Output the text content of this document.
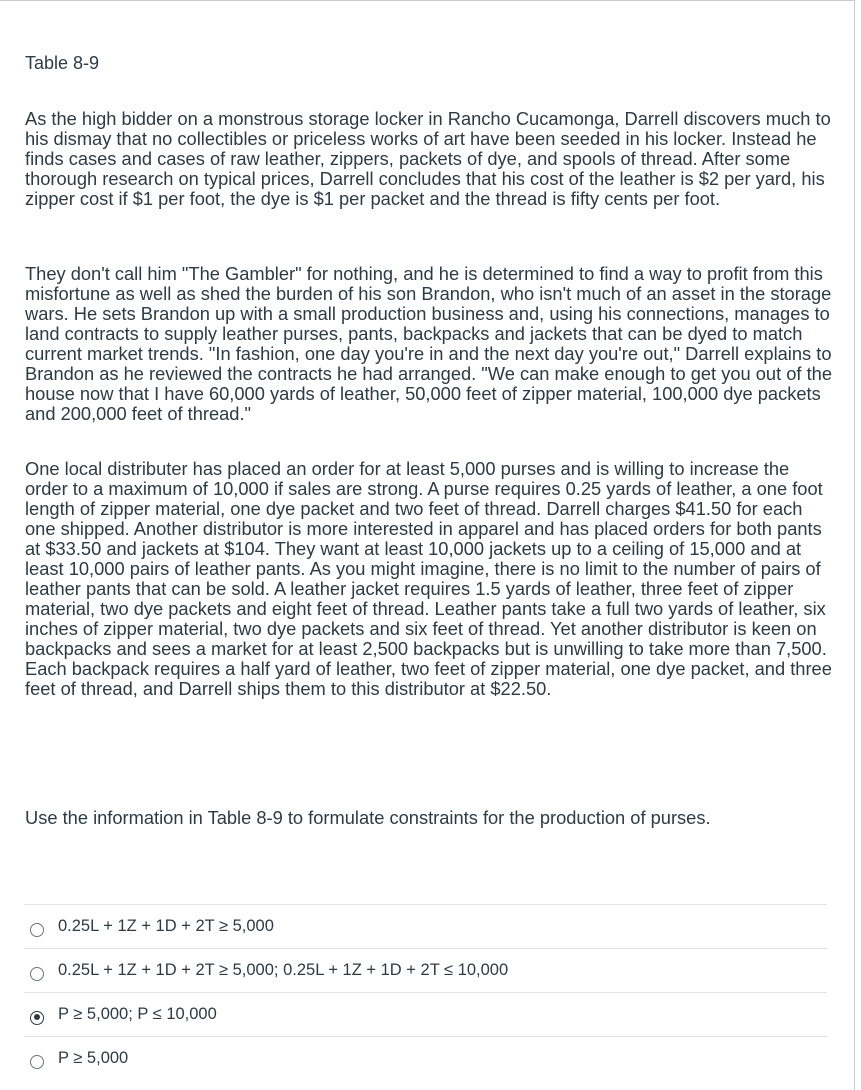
Table 8-9

As the high bidder on a monstrous storage locker in Rancho Cucamonga, Darrell discovers much to his dismay that no collectibles or priceless works of art have been seeded in his locker. Instead he finds cases and cases of raw leather, zippers, packets of dye, and spools of thread. After some thorough research on typical prices, Darrell concludes that his cost of the leather is $2 per yard, his zipper cost if $1 per foot, the dye is $1 per packet and the thread is fifty cents per foot.

They don't call him "The Gambler" for nothing, and he is determined to find a way to profit from this misfortune as well as shed the burden of his son Brandon, who isn't much of an asset in the storage wars. He sets Brandon up with a small production business and, using his connections, manages to land contracts to supply leather purses, pants, backpacks and jackets that can be dyed to match current market trends. "In fashion, one day you're in and the next day you're out," Darrell explains to Brandon as he reviewed the contracts he had arranged. "We can make enough to get you out of the house now that I have 60,000 yards of leather, 50,000 feet of zipper material, 100,000 dye packets and 200,000 feet of thread."

One local distributer has placed an order for at least 5,000 purses and is willing to increase the order to a maximum of 10,000 if sales are strong. A purse requires 0.25 yards of leather, a one foot length of zipper material, one dye packet and two feet of thread. Darrell charges $41.50 for each one shipped. Another distributor is more interested in apparel and has placed orders for both pants at $33.50 and jackets at $104. They want at least 10,000 jackets up to a ceiling of 15,000 and at least 10,000 pairs of leather pants. As you might imagine, there is no limit to the number of pairs of leather pants that can be sold. A leather jacket requires 1.5 yards of leather, three feet of zipper material, two dye packets and eight feet of thread. Leather pants take a full two yards of leather, six inches of zipper material, two dye packets and six feet of thread. Yet another distributor is keen on backpacks and sees a market for at least 2,500 backpacks but is unwilling to take more than 7,500. Each backpack requires a half yard of leather, two feet of zipper material, one dye packet, and three feet of thread, and Darrell ships them to this distributor at $22.50.

Use the information in Table 8-9 to formulate constraints for the production of purses.
0.25L + 1Z + 1D + 2T ≥ 5,000
0.25L + 1Z + 1D + 2T ≥ 5,000; 0.25L + 1Z + 1D + 2T ≤ 10,000
P ≥ 5,000; P ≤ 10,000
P ≥ 5,000
